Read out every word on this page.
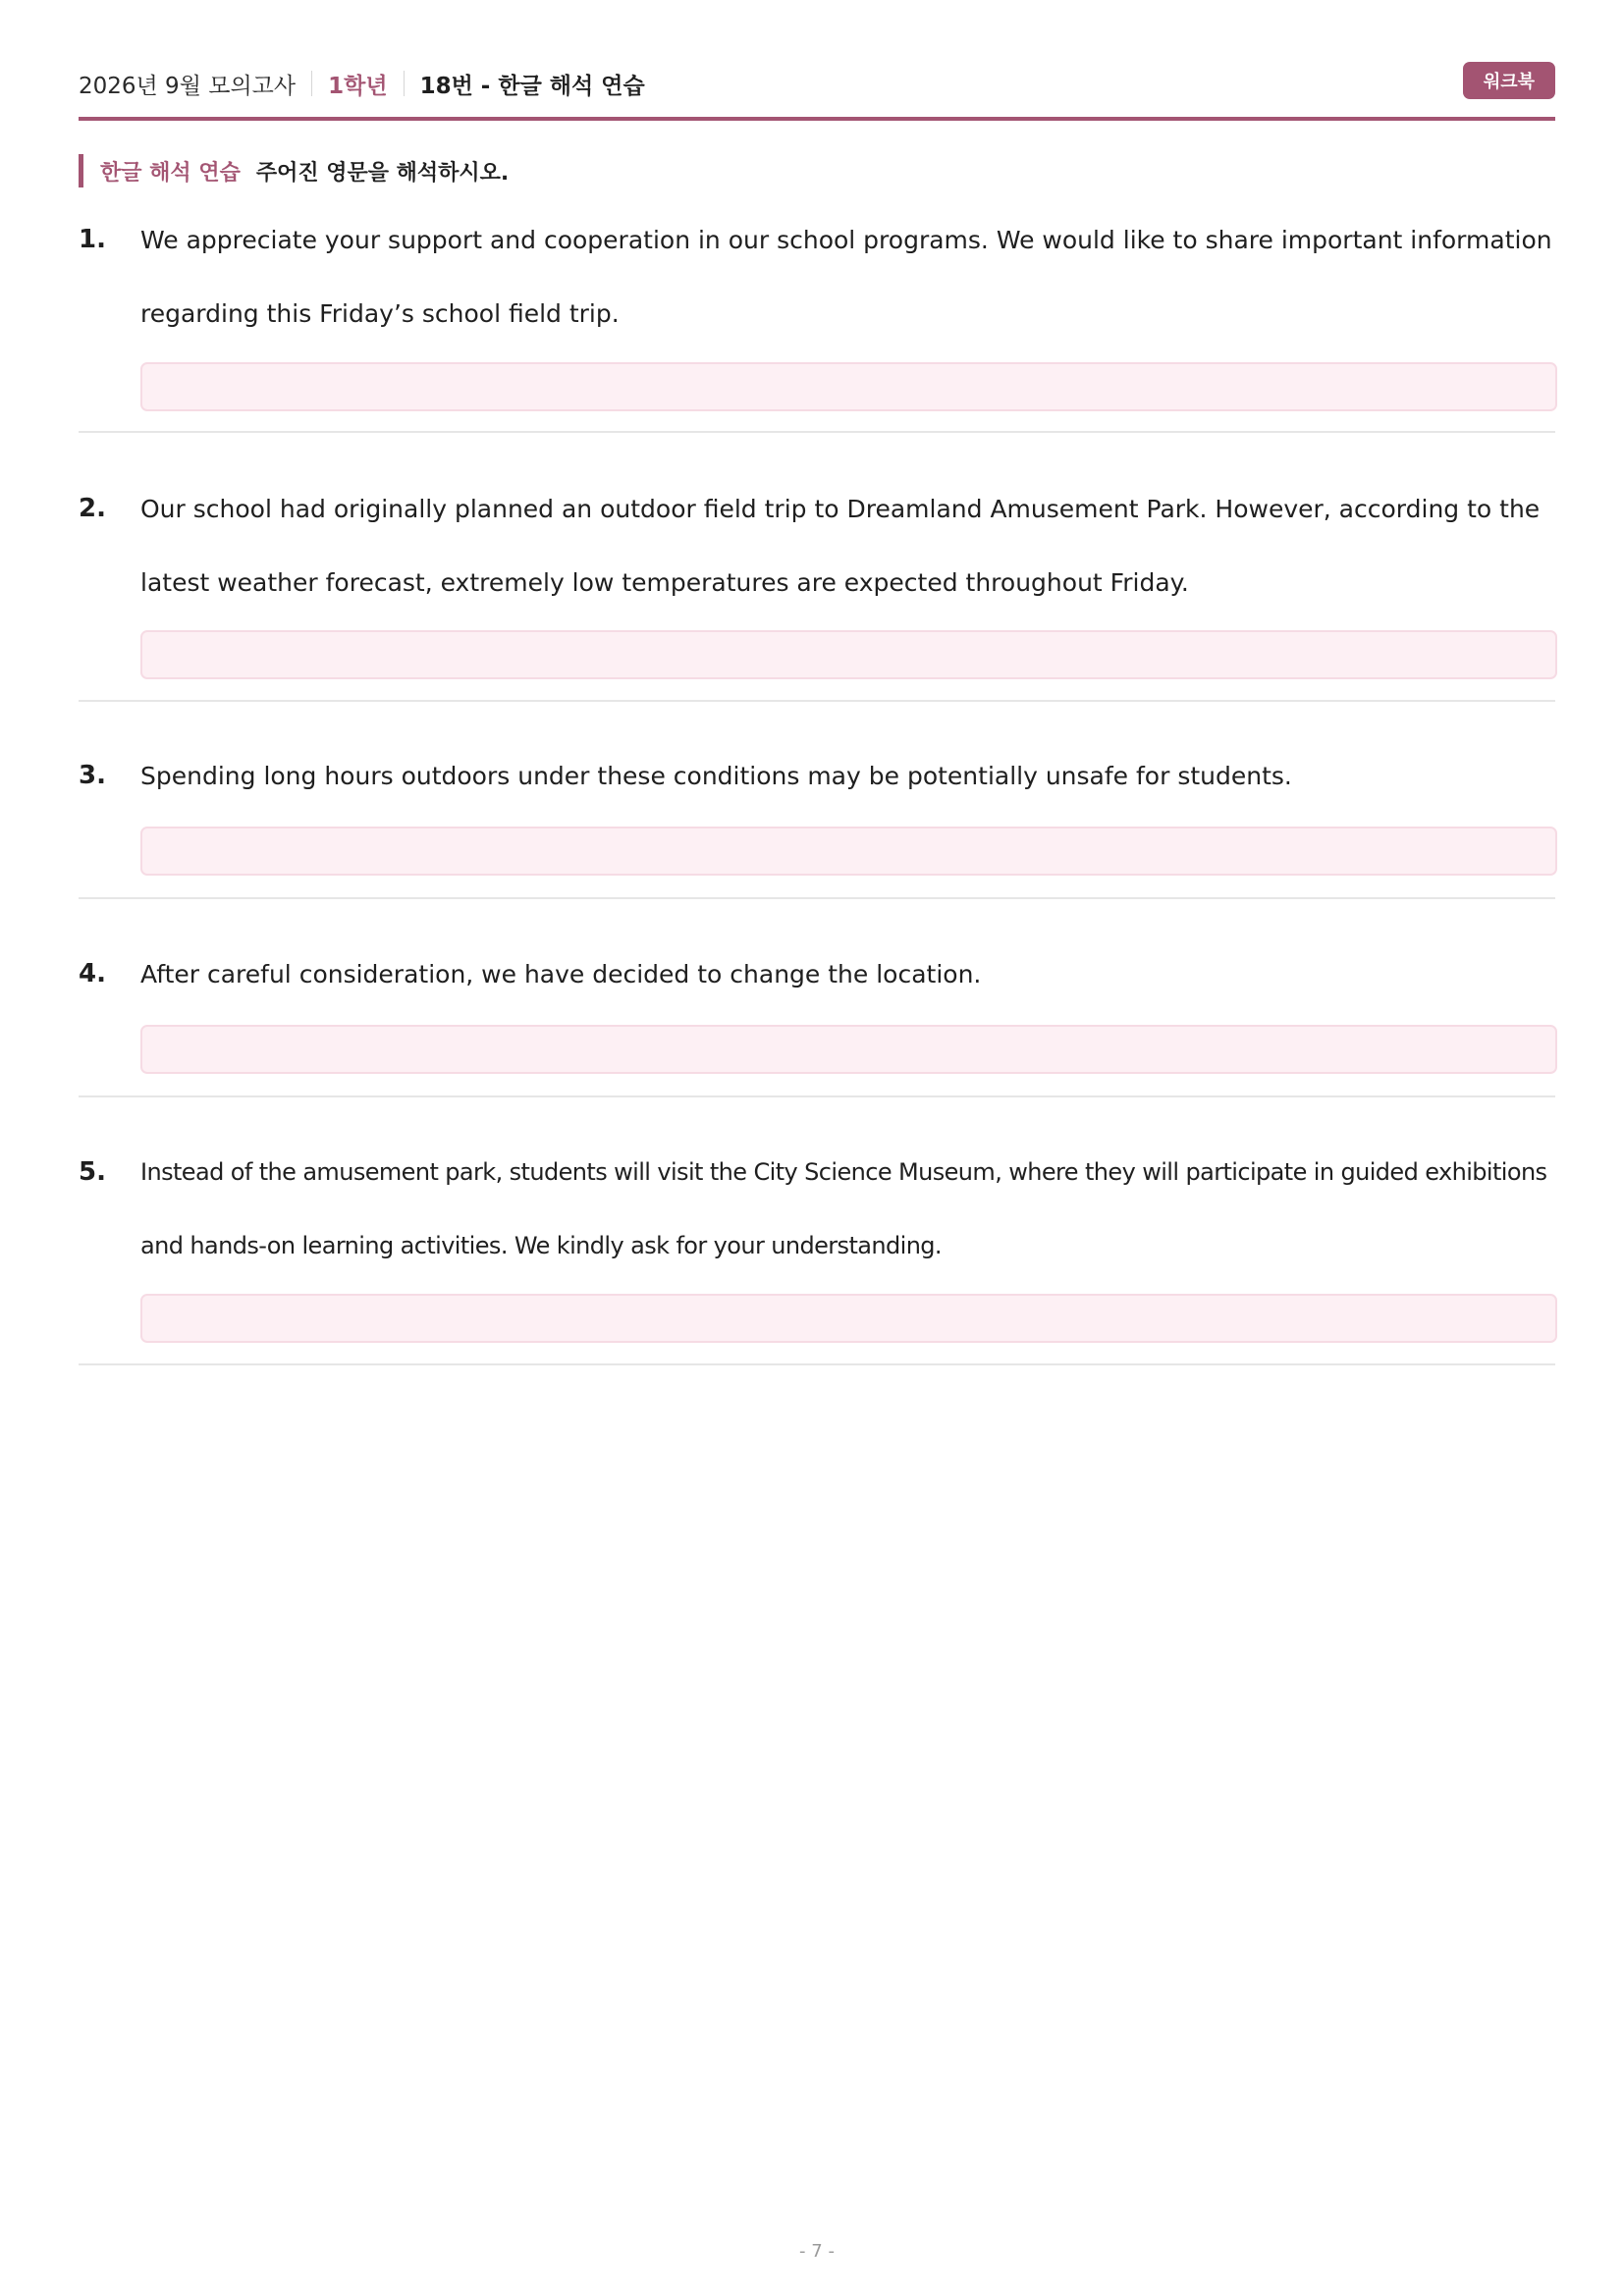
2026년 9월 모의고사 1학년 18번 - 한글 해석 연습	워크북
한글 해석 연습 주어진 영문을 해석하시오.
1. We appreciate your support and cooperation in our school programs. We would like to share important information regarding this Friday’s school field trip.
2. Our school had originally planned an outdoor field trip to Dreamland Amusement Park. However, according to the latest weather forecast, extremely low temperatures are expected throughout Friday.
3. Spending long hours outdoors under these conditions may be potentially unsafe for students.
4. After careful consideration, we have decided to change the location.
5. Instead of the amusement park, students will visit the City Science Museum, where they will participate in guided exhibitions and hands-on learning activities. We kindly ask for your understanding.
- 7 -
